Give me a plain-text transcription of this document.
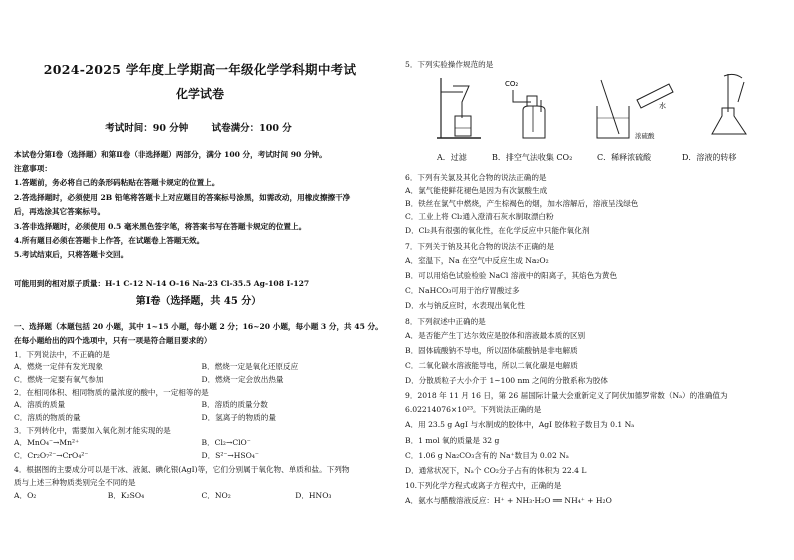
2024-2025 学年度上学期高一年级化学学科期中考试
化学试卷
考试时间：90 分钟 试卷满分：100 分
本试卷分第Ⅰ卷（选择题）和第Ⅱ卷（非选择题）两部分，满分 100 分，考试时间 90 分钟。
注意事项：
1.答题前，务必将自己的条形码粘贴在答题卡规定的位置上。
2.答选择题时，必须使用 2B 铅笔将答题卡上对应题目的答案标号涂黑，如需改动，用橡皮擦擦干净
后，再选涂其它答案标号。
3.答非选择题时，必须使用 0.5 毫米黑色签字笔，将答案书写在答题卡规定的位置上。
4.所有题目必须在答题卡上作答，在试题卷上答题无效。
5.考试结束后，只将答题卡交回。
可能用到的相对原子质量：H-1 C-12 N-14 O-16 Na-23 Cl-35.5 Ag-108 I-127
第Ⅰ卷（选择题，共 45 分）
一、选择题（本题包括 20 小题，其中 1~15 小题，每小题 2 分；16~20 小题，每小题 3 分，共 45 分。
在每小题给出的四个选项中，只有一项是符合题目要求的）
1．下列说法中，不正确的是
A．燃烧一定伴有发光现象	B．燃烧一定是氧化还原反应
C．燃烧一定要有氧气参加	D．燃烧一定会放出热量
2．在相同体积、相同物质的量浓度的酸中，一定相等的是
A．溶质的质量	B．溶质的质量分数
C．溶质的物质的量	D．氢离子的物质的量
3．下列转化中，需要加入氧化剂才能实现的是
A．MnO₄⁻→Mn²⁺	B．Cl₂→ClO⁻
C．Cr₂O₇²⁻→CrO₄²⁻	D．S²⁻→HSO₄⁻
4．根据图的主要成分可以是干冰、液氮、碘化银(AgI)等，它们分别属于氧化物、单质和盐。下列物
质与上述三种物质类别完全不同的是
A．O₂	B．K₂SO₄	C．NO₂	D．HNO₃
5．下列实验操作规范的是
CO₂
水
浓硫酸
A．过滤	B．排空气法收集 CO₂	C．稀释浓硫酸	D．溶液的转移
6．下列有关氯及其化合物的说法正确的是
A．氯气能使鲜花褪色是因为有次氯酸生成
B．铁丝在氯气中燃烧，产生棕褐色的烟，加水溶解后，溶液呈浅绿色
C．工业上将 Cl₂通入澄清石灰水制取漂白粉
D．Cl₂具有很强的氧化性，在化学反应中只能作氧化剂
7．下列关于钠及其化合物的说法不正确的是
A．室温下，Na 在空气中反应生成 Na₂O₂
B．可以用焰色试验检验 NaCl 溶液中的阳离子，其焰色为黄色
C．NaHCO₃可用于治疗胃酸过多
D．水与钠反应时，水表现出氧化性
8．下列叙述中正确的是
A．是否能产生丁达尔效应是胶体和溶液最本质的区别
B．固体硫酸钠不导电，所以固体硫酸钠是非电解质
C．二氧化碳水溶液能导电，所以二氧化碳是电解质
D．分散质粒子大小介于 1~100 nm 之间的分散系称为胶体
9．2018 年 11 月 16 日，第 26 届国际计量大会重新定义了阿伏加德罗常数（Nₐ）的准确值为
6.02214076×10²³。下列说法正确的是
A．用 23.5 g AgI 与水制成的胶体中，AgI 胶体粒子数目为 0.1 Nₐ
B．1 mol 氧的质量是 32 g
C．1.06 g Na₂CO₃含有的 Na⁺数目为 0.02 Nₐ
D．通常状况下，Nₐ个 CO₂分子占有的体积为 22.4 L
10.下列化学方程式或离子方程式中，正确的是
A．氨水与醋酸溶液反应：H⁺ + NH₃·H₂O ══ NH₄⁺ + H₂O
